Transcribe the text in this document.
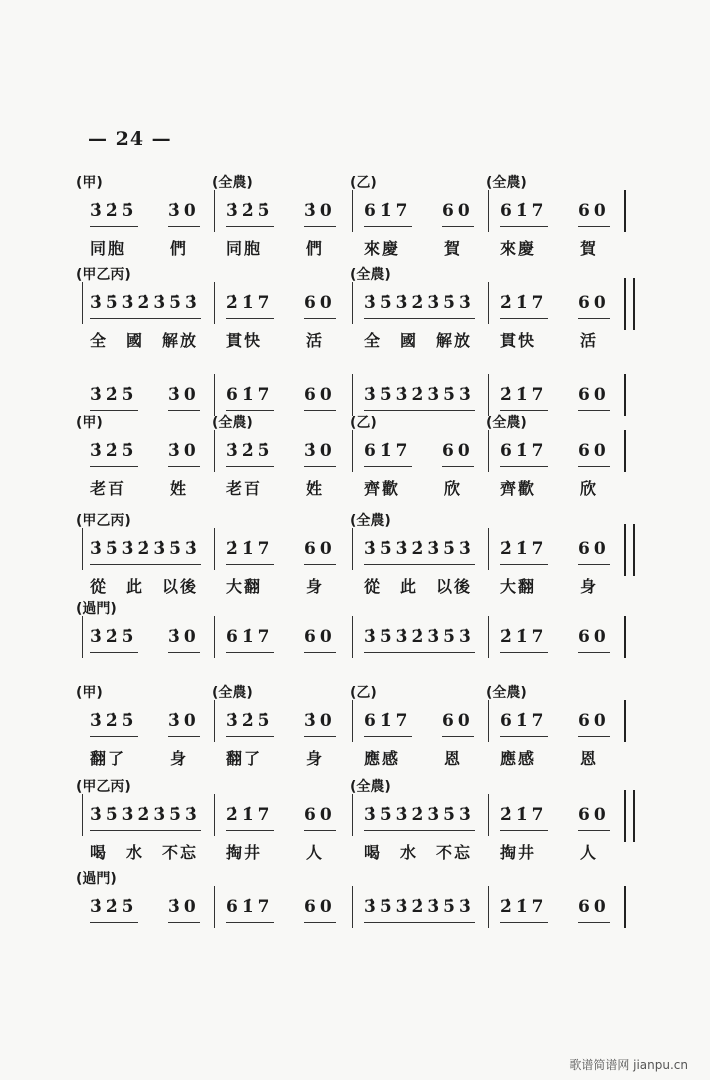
— 24 —
(甲)
3̇2̇5̇ 3̇0
同胞	們
(全農)
3̇2̇5̇ 3̇0
同胞	們
(乙)
61̇7 60
來慶	賀
(全農)
61̇7 60
來慶	賀
(甲乙丙)
3̇5̇3̇2̇3̇5̇3̇
全　國　解放
2̇1̇7 60
貫快	活
(全農)
3̇5̇3̇2̇3̇5̇3̇
全　國　解放
2̇1̇7 60
貫快	活
3̇2̇5̇ 3̇0 61̇7 60 3̇5̇3̇2̇3̇5̇3̇ 2̇1̇7 60
(甲)
3̇2̇5̇ 3̇0
老百	姓
(全農)
3̇2̇5̇ 3̇0
老百	姓
(乙)
61̇7 60
齊歡	欣
(全農)
61̇7 60
齊歡	欣
(甲乙丙)
3̇5̇3̇2̇3̇5̇3̇
從　此　以後
2̇1̇7 60
大翻	身
(全農)
3̇5̇3̇2̇3̇5̇3̇
從　此　以後
2̇1̇7 60
大翻	身
(過門)
3̇2̇5̇ 3̇0 61̇7 60 3̇5̇3̇2̇3̇5̇3̇ 2̇1̇7 60
(甲)
3̇2̇5̇ 3̇0
翻了	身
(全農)
3̇2̇5̇ 3̇0
翻了	身
(乙)
61̇7 60
應感	恩
(全農)
61̇7 60
應感	恩
(甲乙丙)
3̇5̇3̇2̇3̇5̇3̇
喝　水　不忘
2̇1̇7 60
掏井	人
(全農)
3̇5̇3̇2̇3̇5̇3̇
喝　水　不忘
2̇1̇7 60
掏井	人
(過門)
3̇2̇5̇ 3̇0 61̇7 60 3̇5̇3̇2̇3̇5̇3̇ 2̇1̇7 60
歌谱简谱网 jianpu.cn
